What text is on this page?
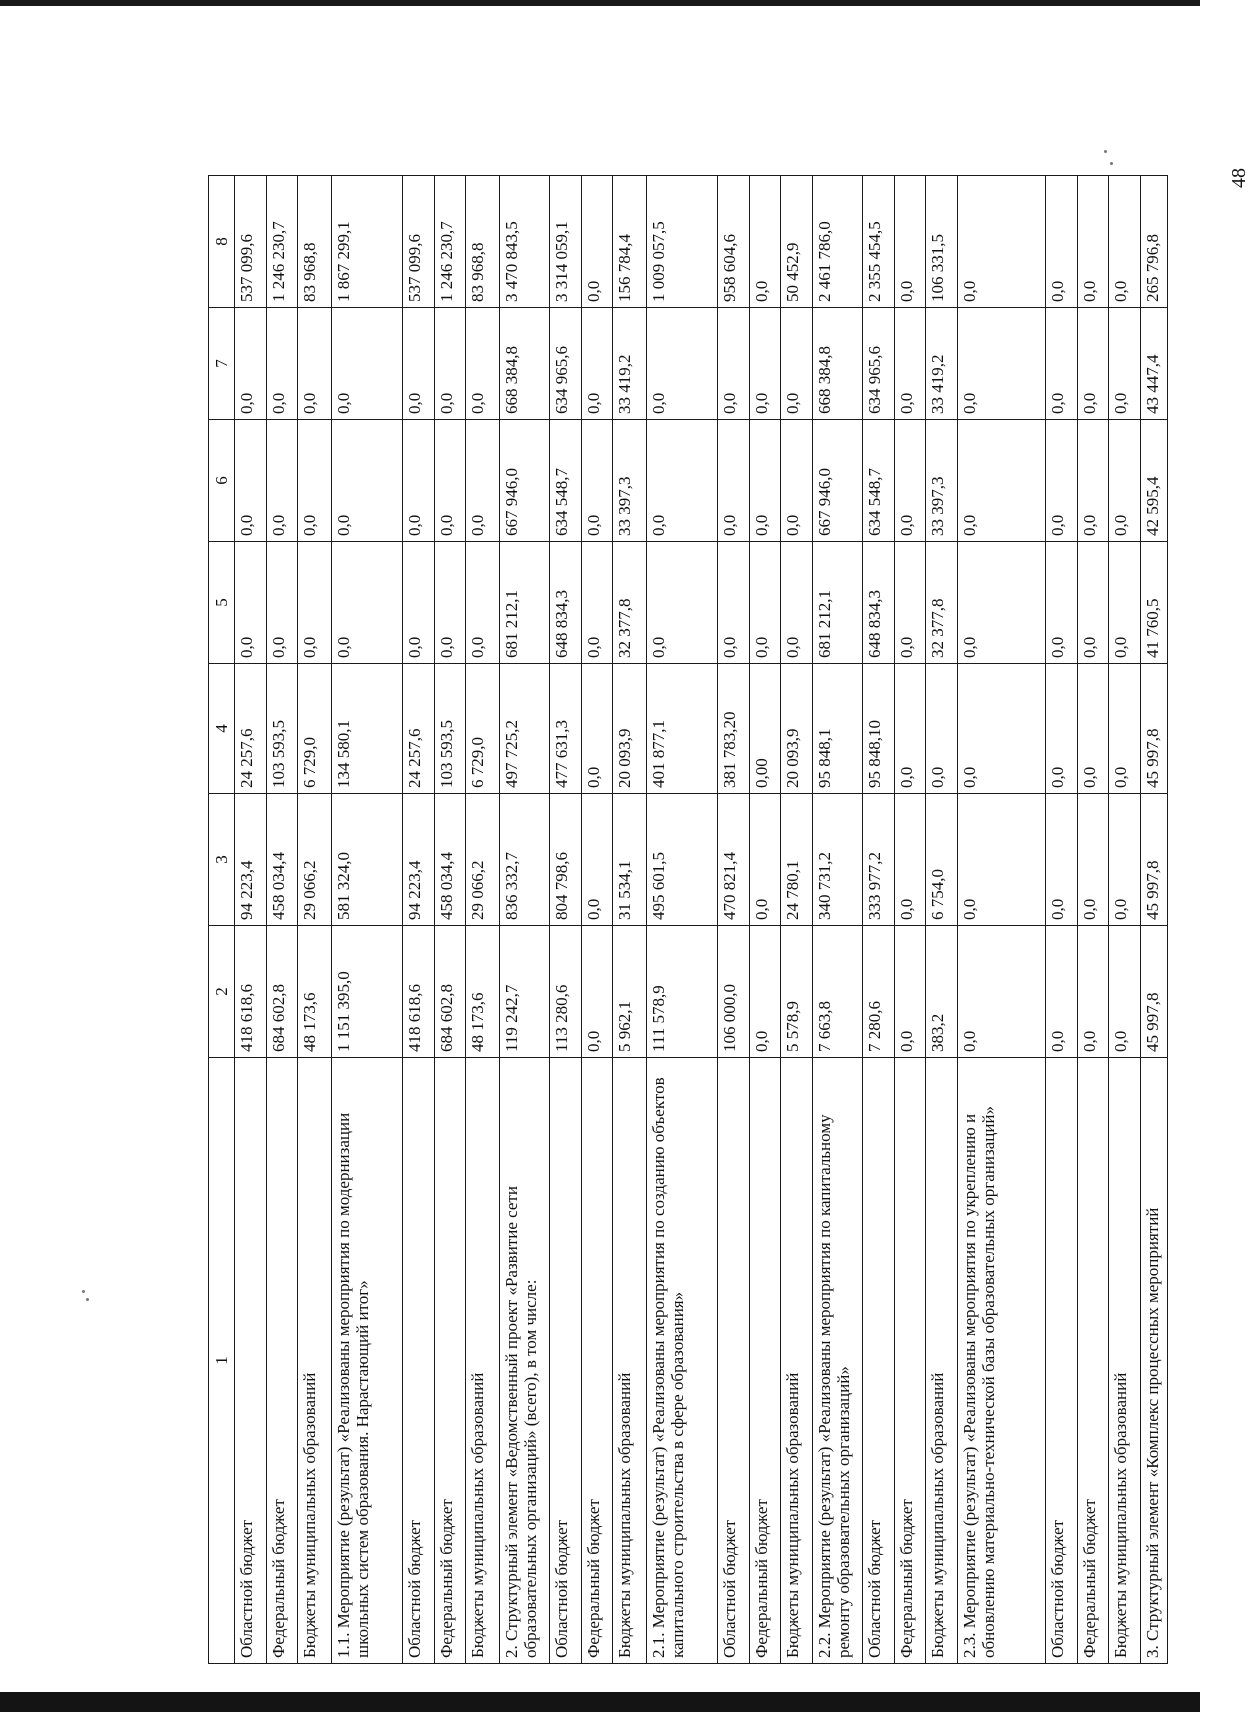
48
1	2	3	4	5	6	7	8
Областной бюджет	418 618,6	94 223,4	24 257,6	0,0	0,0	0,0	537 099,6
Федеральный бюджет	684 602,8	458 034,4	103 593,5	0,0	0,0	0,0	1 246 230,7
Бюджеты муниципальных образований	48 173,6	29 066,2	6 729,0	0,0	0,0	0,0	83 968,8
1.1. Мероприятие (результат) «Реализованы мероприятия по модернизации школьных систем образования. Нарастающий итог»	1 151 395,0	581 324,0	134 580,1	0,0	0,0	0,0	1 867 299,1
Областной бюджет	418 618,6	94 223,4	24 257,6	0,0	0,0	0,0	537 099,6
Федеральный бюджет	684 602,8	458 034,4	103 593,5	0,0	0,0	0,0	1 246 230,7
Бюджеты муниципальных образований	48 173,6	29 066,2	6 729,0	0,0	0,0	0,0	83 968,8
2. Структурный элемент «Ведомственный проект «Развитие сети образовательных организаций» (всего), в том числе:	119 242,7	836 332,7	497 725,2	681 212,1	667 946,0	668 384,8	3 470 843,5
Областной бюджет	113 280,6	804 798,6	477 631,3	648 834,3	634 548,7	634 965,6	3 314 059,1
Федеральный бюджет	0,0	0,0	0,0	0,0	0,0	0,0	0,0
Бюджеты муниципальных образований	5 962,1	31 534,1	20 093,9	32 377,8	33 397,3	33 419,2	156 784,4
2.1. Мероприятие (результат) «Реализованы мероприятия по созданию объектов капитального строительства в сфере образования»	111 578,9	495 601,5	401 877,1	0,0	0,0	0,0	1 009 057,5
Областной бюджет	106 000,0	470 821,4	381 783,20	0,0	0,0	0,0	958 604,6
Федеральный бюджет	0,0	0,0	0,00	0,0	0,0	0,0	0,0
Бюджеты муниципальных образований	5 578,9	24 780,1	20 093,9	0,0	0,0	0,0	50 452,9
2.2. Мероприятие (результат) «Реализованы мероприятия по капитальному ремонту образовательных организаций»	7 663,8	340 731,2	95 848,1	681 212,1	667 946,0	668 384,8	2 461 786,0
Областной бюджет	7 280,6	333 977,2	95 848,10	648 834,3	634 548,7	634 965,6	2 355 454,5
Федеральный бюджет	0,0	0,0	0,0	0,0	0,0	0,0	0,0
Бюджеты муниципальных образований	383,2	6 754,0	0,0	32 377,8	33 397,3	33 419,2	106 331,5
2.3. Мероприятие (результат) «Реализованы мероприятия по укреплению и обновлению материально-технической базы образовательных организаций»	0,0	0,0	0,0	0,0	0,0	0,0	0,0
Областной бюджет	0,0	0,0	0,0	0,0	0,0	0,0	0,0
Федеральный бюджет	0,0	0,0	0,0	0,0	0,0	0,0	0,0
Бюджеты муниципальных образований	0,0	0,0	0,0	0,0	0,0	0,0	0,0
3. Структурный элемент «Комплекс процессных мероприятий	45 997,8	45 997,8	45 997,8	41 760,5	42 595,4	43 447,4	265 796,8
